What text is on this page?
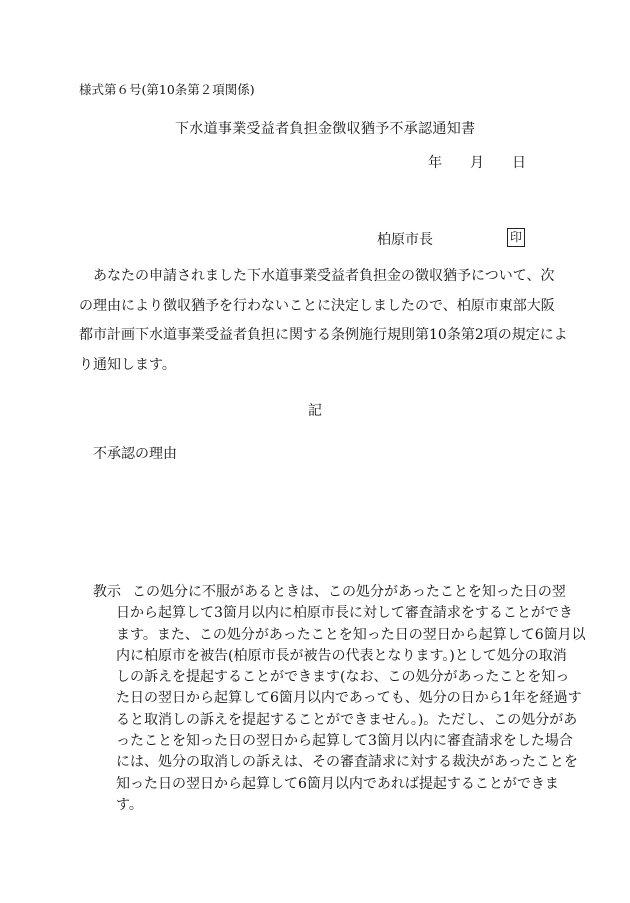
様式第６号(第10条第２項関係)
下水道事業受益者負担金徴収猶予不承認通知書
年 月 日
柏原市長	印
　あなたの申請されました下水道事業受益者負担金の徴収猶予について、次
の理由により徴収猶予を行わないことに決定しましたので、柏原市東部大阪
都市計画下水道事業受益者負担に関する条例施行規則第10条第2項の規定によ
り通知します。
記
不承認の理由
教示 この処分に不服があるときは、この処分があったことを知った日の翌
日から起算して3箇月以内に柏原市長に対して審査請求をすることができ
ます。また、この処分があったことを知った日の翌日から起算して6箇月以
内に柏原市を被告(柏原市長が被告の代表となります。)として処分の取消
しの訴えを提起することができます(なお、この処分があったことを知っ
た日の翌日から起算して6箇月以内であっても、処分の日から1年を経過す
ると取消しの訴えを提起することができません。)。ただし、この処分があ
ったことを知った日の翌日から起算して3箇月以内に審査請求をした場合
には、処分の取消しの訴えは、その審査請求に対する裁決があったことを
知った日の翌日から起算して6箇月以内であれば提起することができま
す。
